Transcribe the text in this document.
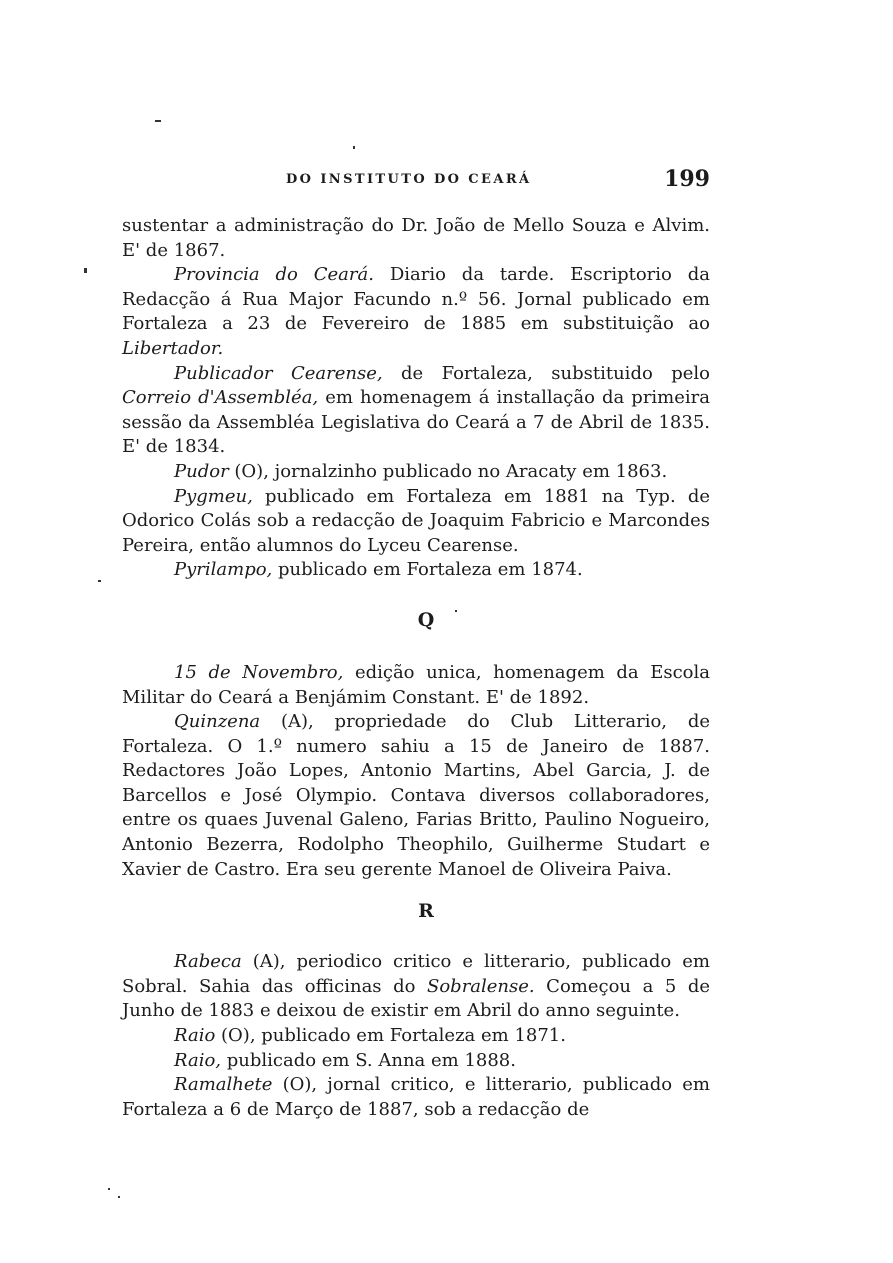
DO INSTITUTO DO CEARÁ	199

sustentar a administração do Dr. João de Mello Souza e Alvim. E' de 1867.

Provincia do Ceará. Diario da tarde. Escriptorio da Redacção á Rua Major Facundo n.º 56. Jornal publicado em Fortaleza a 23 de Fevereiro de 1885 em substituição ao Libertador.

Publicador Cearense, de Fortaleza, substituido pelo Correio d'Assembléa, em homenagem á installação da primeira sessão da Assembléa Legislativa do Ceará a 7 de Abril de 1835. E' de 1834.

Pudor (O), jornalzinho publicado no Aracaty em 1863.

Pygmeu, publicado em Fortaleza em 1881 na Typ. de Odorico Colás sob a redacção de Joaquim Fabricio e Marcondes Pereira, então alumnos do Lyceu Cearense.

Pyrilampo, publicado em Fortaleza em 1874.

Q

15 de Novembro, edição unica, homenagem da Escola Militar do Ceará a Benjámim Constant. E' de 1892.

Quinzena (A), propriedade do Club Litterario, de Fortaleza. O 1.º numero sahiu a 15 de Janeiro de 1887. Redactores João Lopes, Antonio Martins, Abel Garcia, J. de Barcellos e José Olympio. Contava diversos collaboradores, entre os quaes Juvenal Galeno, Farias Britto, Paulino Nogueiro, Antonio Bezerra, Rodolpho Theophilo, Guilherme Studart e Xavier de Castro. Era seu gerente Manoel de Oliveira Paiva.

R

Rabeca (A), periodico critico e litterario, publicado em Sobral. Sahia das officinas do Sobralense. Começou a 5 de Junho de 1883 e deixou de existir em Abril do anno seguinte.

Raio (O), publicado em Fortaleza em 1871.

Raio, publicado em S. Anna em 1888.

Ramalhete (O), jornal critico, e litterario, publicado em Fortaleza a 6 de Março de 1887, sob a redacção de
